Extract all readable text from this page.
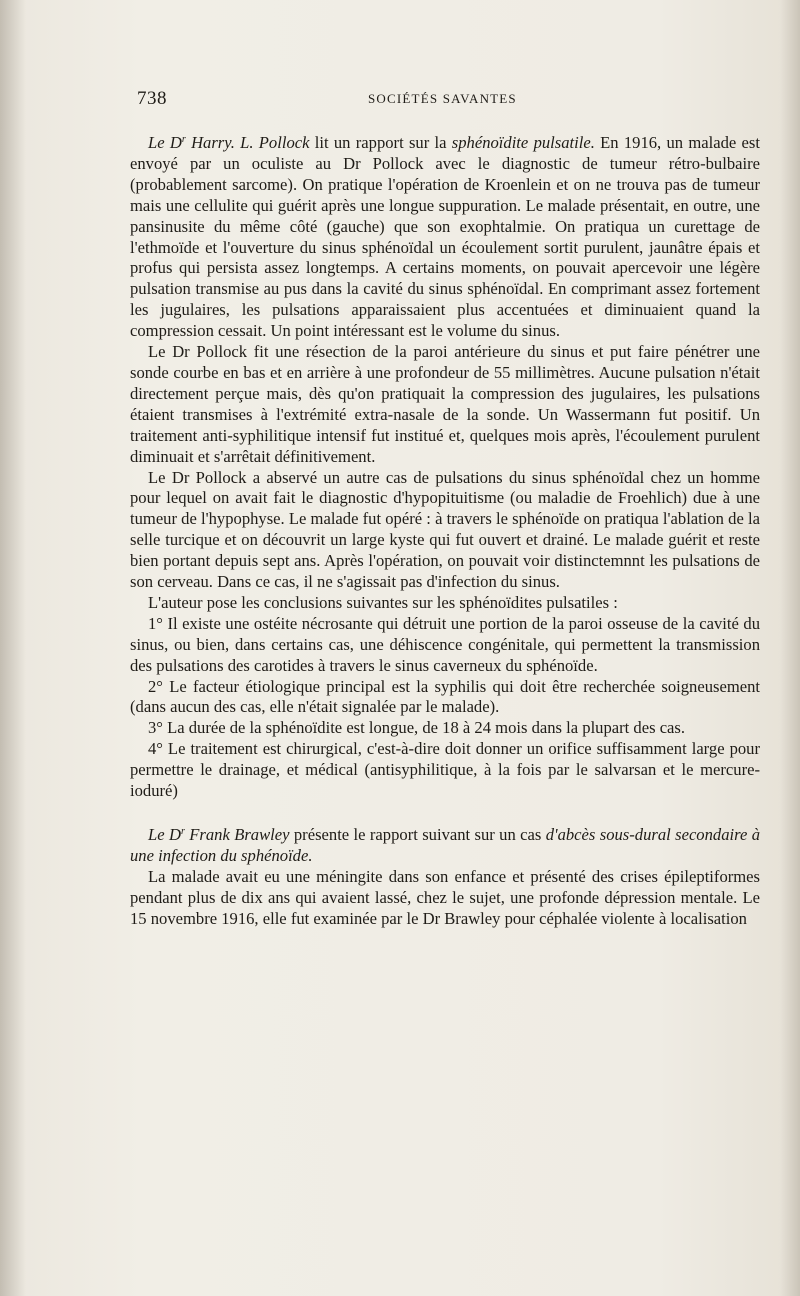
738	SOCIÉTÉS SAVANTES

Le $D^r$ Harry. L. Pollock lit un rapport sur la sphénoïdite pulsatile. En 1916, un malade est envoyé par un oculiste au Dr Pollock avec le diagnostic de tumeur rétro-bulbaire (probablement sarcome). On pratique l'opération de Kroenlein et on ne trouva pas de tumeur mais une cellulite qui guérit après une longue suppuration. Le malade présentait, en outre, une pansinusite du même côté (gauche) que son exophtalmie. On pratiqua un curettage de l'ethmoïde et l'ouverture du sinus sphénoïdal un écoulement sortit purulent, jaunâtre épais et profus qui persista assez longtemps. A certains moments, on pouvait apercevoir une légère pulsation transmise au pus dans la cavité du sinus sphénoïdal. En comprimant assez fortement les jugulaires, les pulsations apparaissaient plus accentuées et diminuaient quand la compression cessait. Un point intéressant est le volume du sinus.

Le Dr Pollock fit une résection de la paroi antérieure du sinus et put faire pénétrer une sonde courbe en bas et en arrière à une profondeur de 55 millimètres. Aucune pulsation n'était directement perçue mais, dès qu'on pratiquait la compression des jugulaires, les pulsations étaient transmises à l'extrémité extra-nasale de la sonde. Un Wassermann fut positif. Un traitement anti-syphilitique intensif fut institué et, quelques mois après, l'écoulement purulent diminuait et s'arrêtait définitivement.

Le Dr Pollock a abservé un autre cas de pulsations du sinus sphénoïdal chez un homme pour lequel on avait fait le diagnostic d'hypopituitisme (ou maladie de Froehlich) due à une tumeur de l'hypophyse. Le malade fut opéré : à travers le sphénoïde on pratiqua l'ablation de la selle turcique et on découvrit un large kyste qui fut ouvert et drainé. Le malade guérit et reste bien portant depuis sept ans. Après l'opération, on pouvait voir distinctemnnt les pulsations de son cerveau. Dans ce cas, il ne s'agissait pas d'infection du sinus.

L'auteur pose les conclusions suivantes sur les sphénoïdites pulsatiles :

1° Il existe une ostéite nécrosante qui détruit une portion de la paroi osseuse de la cavité du sinus, ou bien, dans certains cas, une déhiscence congénitale, qui permettent la transmission des pulsations des carotides à travers le sinus caverneux du sphénoïde.

2° Le facteur étiologique principal est la syphilis qui doit être recherchée soigneusement (dans aucun des cas, elle n'était signalée par le malade).

3° La durée de la sphénoïdite est longue, de 18 à 24 mois dans la plupart des cas.

4° Le traitement est chirurgical, c'est-à-dire doit donner un orifice suffisamment large pour permettre le drainage, et médical (antisyphilitique, à la fois par le salvarsan et le mercure-ioduré)

Le $D^r$ Frank Brawley présente le rapport suivant sur un cas d'abcès sous-dural secondaire à une infection du sphénoïde.

La malade avait eu une méningite dans son enfance et présenté des crises épileptiformes pendant plus de dix ans qui avaient lassé, chez le sujet, une profonde dépression mentale. Le 15 novembre 1916, elle fut examinée par le Dr Brawley pour céphalée violente à localisation
